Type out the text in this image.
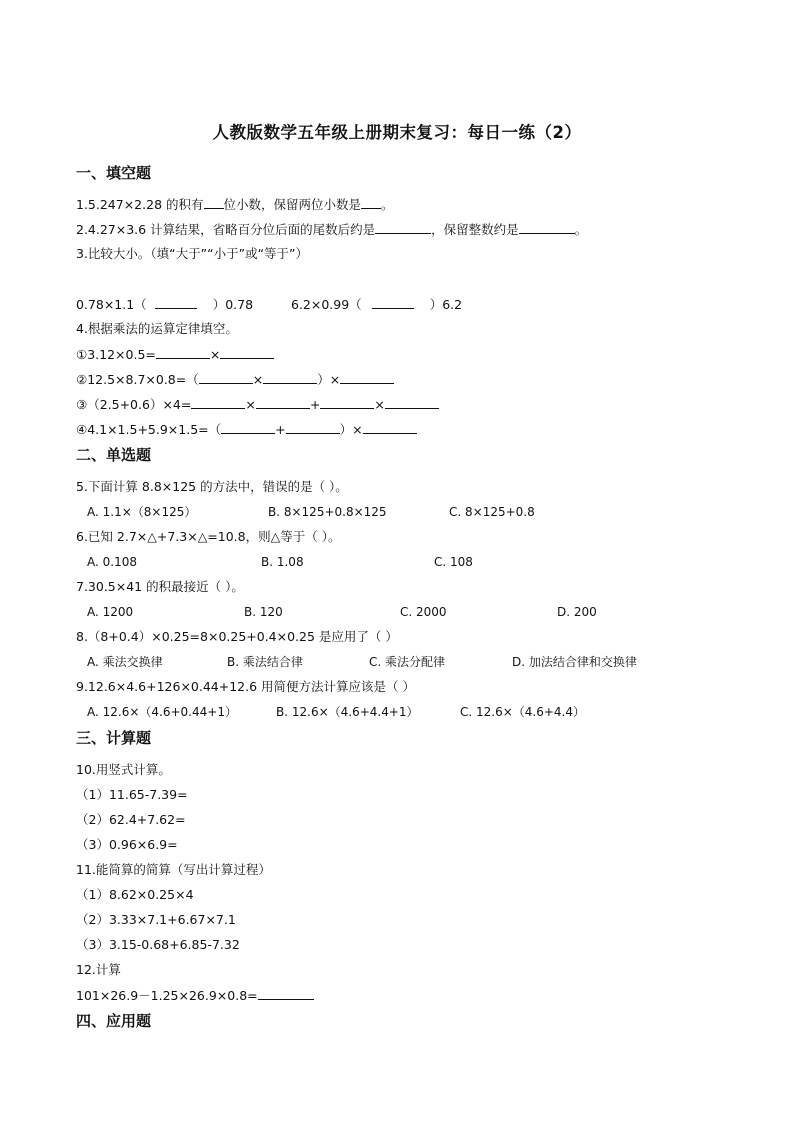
人教版数学五年级上册期末复习：每日一练（2）
一、填空题
1.5.247×2.28 的积有 位小数，保留两位小数是 。
2.4.27×3.6 计算结果，省略百分位后面的尾数后约是	，保留整数约是	。
3.比较大小。（填“大于”“小于”或“等于”）
0.78×1.1（	）0.78	6.2×0.99（	）6.2
4.根据乘法的运算定律填空。
①3.12×0.5=	×
②12.5×8.7×0.8=（	×	）×
③（2.5+0.6）×4=	×	+	×
④4.1×1.5+5.9×1.5=（	+	）×
二、单选题
5.下面计算 8.8×125 的方法中，错误的是（ ）。
A. 1.1×（8×125）	B. 8×125+0.8×125	C. 8×125+0.8
6.已知 2.7×△+7.3×△=10.8，则△等于（ ）。
A. 0.108	B. 1.08	C. 108
7.30.5×41 的积最接近（ ）。
A. 1200	B. 120	C. 2000	D. 200
8.（8+0.4）×0.25=8×0.25+0.4×0.25 是应用了（ ）
A. 乘法交换律	B. 乘法结合律	C. 乘法分配律	D. 加法结合律和交换律
9.12.6×4.6+126×0.44+12.6 用简便方法计算应该是（ ）
A. 12.6×（4.6+0.44+1）	B. 12.6×（4.6+4.4+1）	C. 12.6×（4.6+4.4）
三、计算题
10.用竖式计算。
（1）11.65-7.39=
（2）62.4+7.62=
（3）0.96×6.9=
11.能简算的简算（写出计算过程）
（1）8.62×0.25×4
（2）3.33×7.1+6.67×7.1
（3）3.15-0.68+6.85-7.32
12.计算
101×26.9－1.25×26.9×0.8=
四、应用题
